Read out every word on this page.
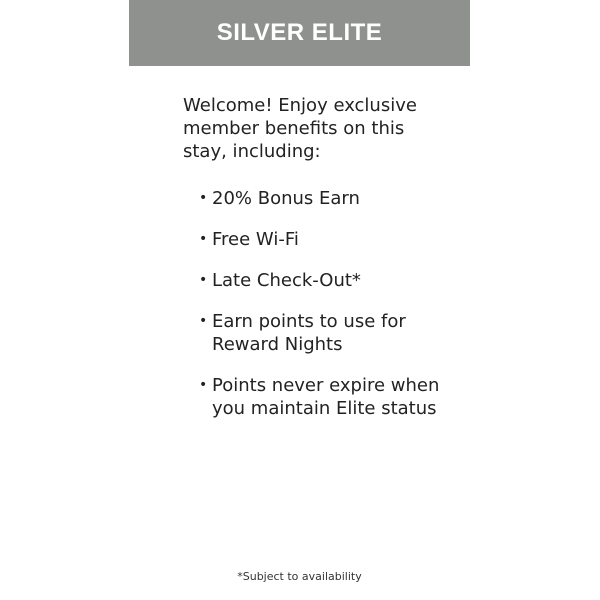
SILVER ELITE

Welcome! Enjoy exclusive member benefits on this stay, including:

• 20% Bonus Earn
• Free Wi-Fi
• Late Check-Out*
• Earn points to use for Reward Nights
• Points never expire when you maintain Elite status
*Subject to availability
